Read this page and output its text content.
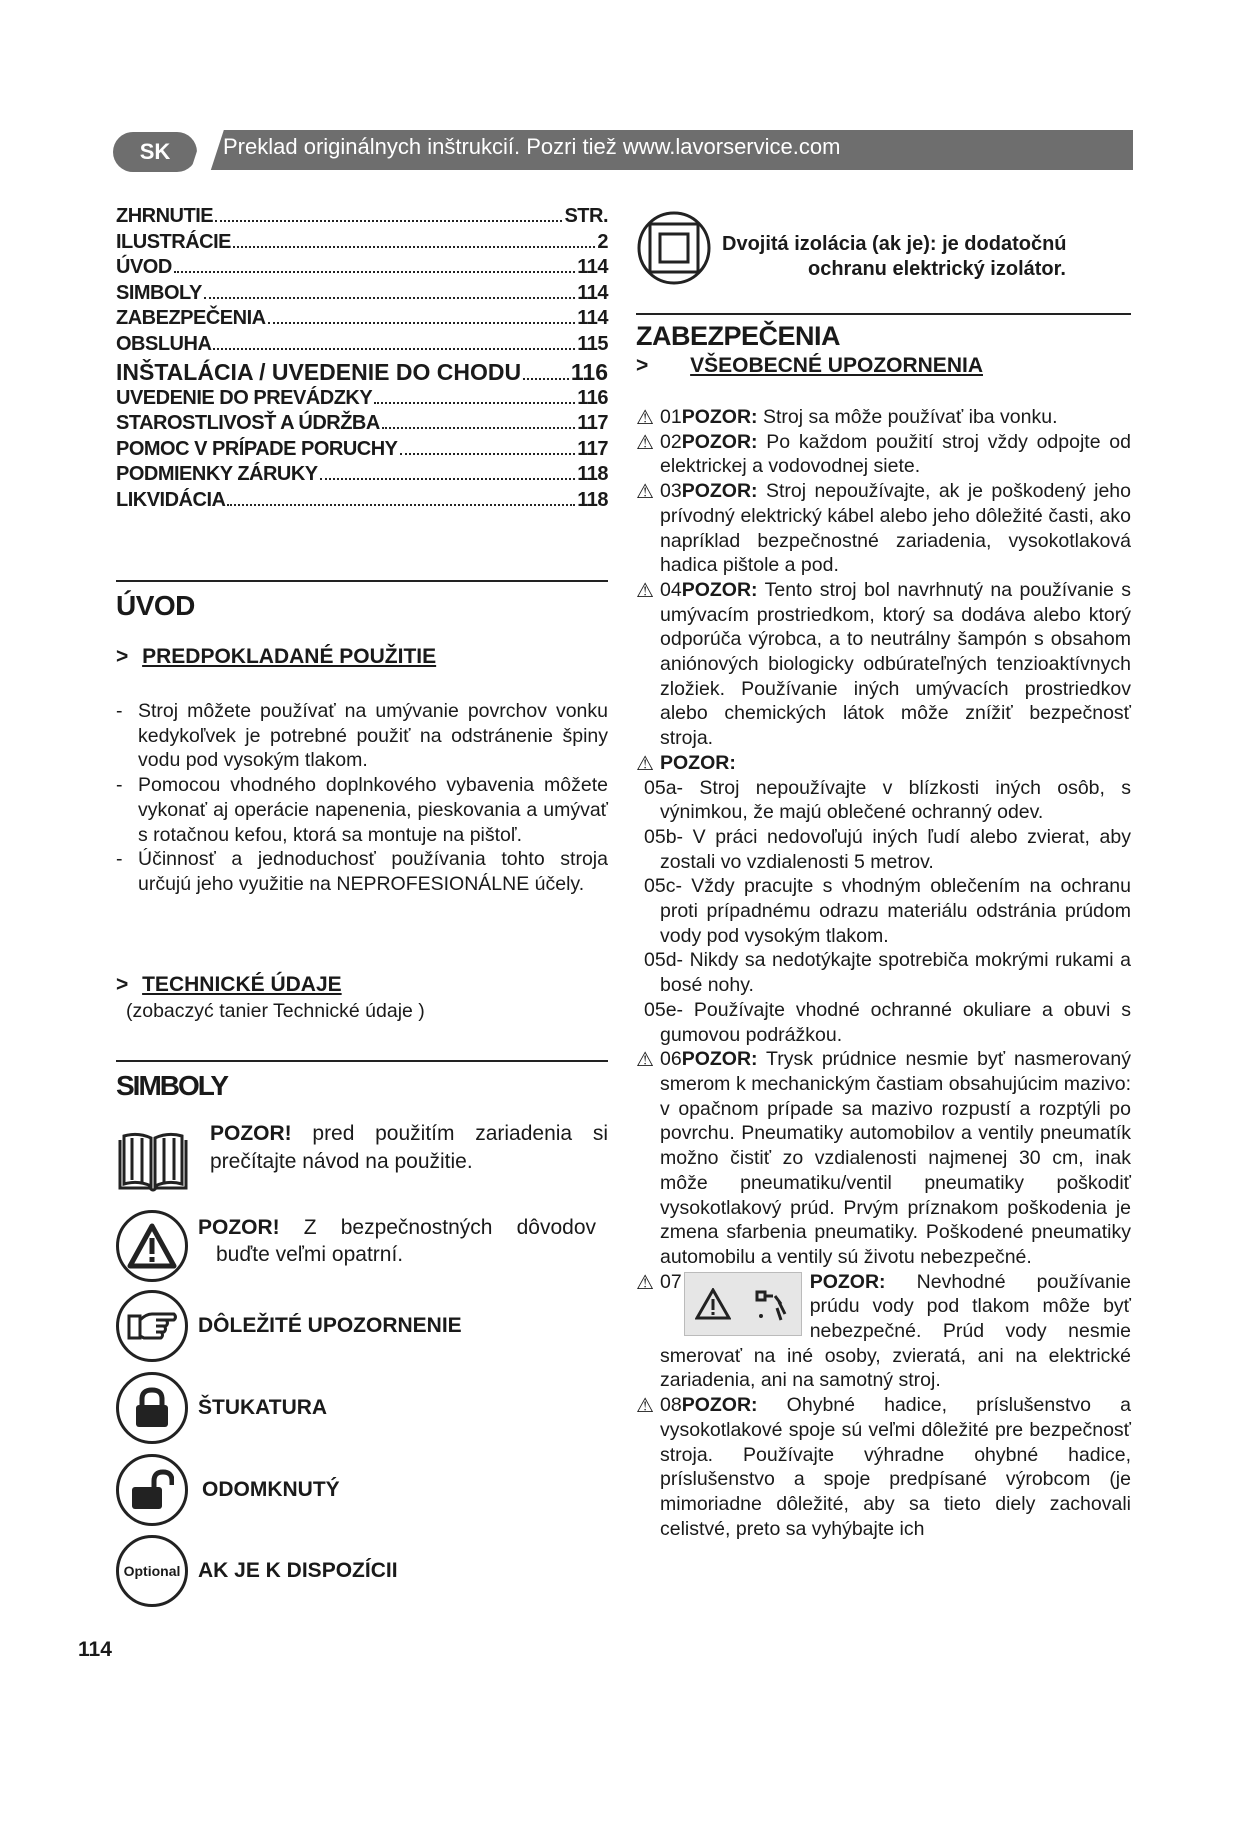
SK	Preklad originálnych inštrukcií. Pozri tiež www.lavorservice.com
ZHRNUTIE	STR.
ILUSTRÁCIE	2
ÚVOD	114
SIMBOLY	114
ZABEZPEČENIA	114
OBSLUHA	115
INŠTALÁCIA / UVEDENIE DO CHODU 116
UVEDENIE DO PREVÁDZKY	116
STAROSTLIVOSŤ A ÚDRŽBA	117
POMOC V PRÍPADE PORUCHY	117
PODMIENKY ZÁRUKY	118
LIKVIDÁCIA	118
ÚVOD
> PREDPOKLADANÉ POUŽITIE
- Stroj môžete používať na umývanie povrchov vonku kedykoľvek je potrebné použiť na odstránenie špiny vodu pod vysokým tlakom.
- Pomocou vhodného doplnkového vybavenia môžete vykonať aj operácie napenenia, pieskovania a umývať s rotačnou kefou, ktorá sa montuje na pištoľ.
- Účinnosť a jednoduchosť používania tohto stroja určujú jeho využitie na NEPROFESIONÁLNE účely.
> TECHNICKÉ ÚDAJE
(zobaczyć tanier Technické údaje )
SIMBOLY
POZOR! pred použitím zariadenia si prečítajte návod na použitie.
POZOR! Z bezpečnostných dôvodov buďte veľmi opatrní.
DÔLEŽITÉ UPOZORNENIE
ŠTUKATURA
ODOMKNUTÝ
Optional AK JE K DISPOZÍCII
Dvojitá izolácia (ak je): je dodatočnú
ochranu elektrický izolátor.
ZABEZPEČENIA
> VŠEOBECNÉ UPOZORNENIA
⚠ 01POZOR: Stroj sa môže používať iba vonku.
⚠ 02POZOR: Po každom použití stroj vždy odpojte od elektrickej a vodovodnej siete.
⚠ 03POZOR: Stroj nepoužívajte, ak je poškodený jeho prívodný elektrický kábel alebo jeho dôležité časti, ako napríklad bezpečnostné zariadenia, vysokotlaková hadica pištole a pod.
⚠ 04POZOR: Tento stroj bol navrhnutý na používanie s umývacím prostriedkom, ktorý sa dodáva alebo ktorý odporúča výrobca, a to neutrálny šampón s obsahom aniónových biologicky odbúrateľných tenzioaktívnych zložiek. Používanie iných umývacích prostriedkov alebo chemických látok môže znížiť bezpečnosť stroja.
⚠ POZOR:
05a- Stroj nepoužívajte v blízkosti iných osôb, s výnimkou, že majú oblečené ochranný odev.
05b- V práci nedovoľujú iných ľudí alebo zvierat, aby zostali vo vzdialenosti 5 metrov.
05c- Vždy pracujte s vhodným oblečením na ochranu proti prípadnému odrazu materiálu odstránia prúdom vody pod vysokým tlakom.
05d- Nikdy sa nedotýkajte spotrebiča mokrými rukami a bosé nohy.
05e- Používajte vhodné ochranné okuliare a obuvi s gumovou podrážkou.
⚠ 06POZOR: Trysk prúdnice nesmie byť nasmerovaný smerom k mechanickým častiam obsahujúcim mazivo: v opačnom prípade sa mazivo rozpustí a rozptýli po povrchu. Pneumatiky automobilov a ventily pneumatík možno čistiť zo vzdialenosti najmenej 30 cm, inak môže pneumatiku/ventil pneumatiky poškodiť vysokotlakový prúd. Prvým príznakom poškodenia je zmena sfarbenia pneumatiky. Poškodené pneumatiky automobilu a ventily sú životu nebezpečné.
⚠ 07	POZOR: Nevhodné používanie prúdu vody pod tlakom môže byť nebezpečné. Prúd vody nesmie smerovať na iné osoby, zvieratá, ani na elektrické zariadenia, ani na samotný stroj.
⚠ 08POZOR: Ohybné hadice, príslušenstvo a vysokotlakové spoje sú veľmi dôležité pre bezpečnosť stroja. Používajte výhradne ohybné hadice, príslušenstvo a spoje predpísané výrobcom (je mimoriadne dôležité, aby sa tieto diely zachovali celistvé, preto sa vyhýbajte ich
114
